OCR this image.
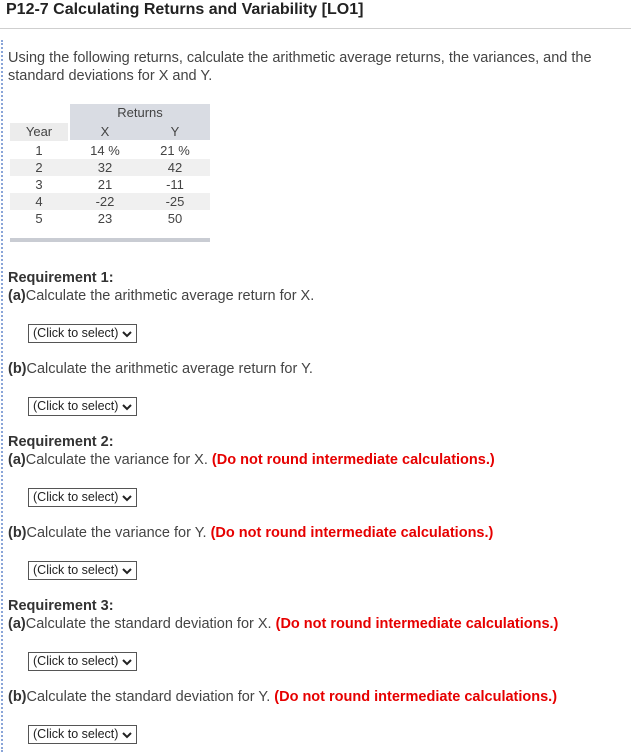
P12-7 Calculating Returns and Variability [LO1]
Using the following returns, calculate the arithmetic average returns, the variances, and the standard deviations for X and Y.
Returns
Year	X	Y
1	14 %	21 %
2	32	42
3	21	-11
4	-22	-25
5	23	50
Requirement 1:
(a)Calculate the arithmetic average return for X.
(Click to select)
(b)Calculate the arithmetic average return for Y.
(Click to select)
Requirement 2:
(a)Calculate the variance for X. (Do not round intermediate calculations.)
(Click to select)
(b)Calculate the variance for Y. (Do not round intermediate calculations.)
(Click to select)
Requirement 3:
(a)Calculate the standard deviation for X. (Do not round intermediate calculations.)
(Click to select)
(b)Calculate the standard deviation for Y. (Do not round intermediate calculations.)
(Click to select)
